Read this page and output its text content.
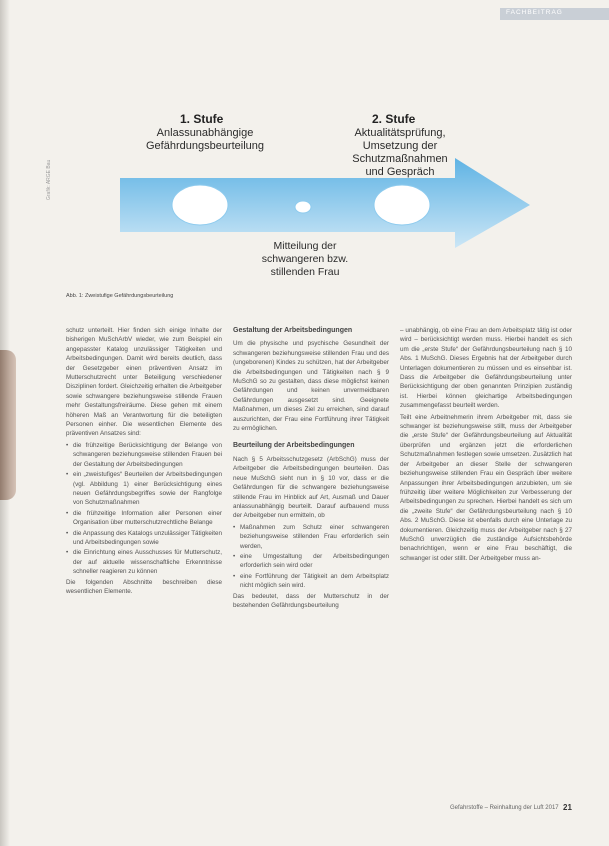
FACHBEITRAG
Grafik: ARGE Bau
1. Stufe
Anlassunabhängige
Gefährdungsbeurteilung
2. Stufe
Aktualitätsprüfung,
Umsetzung der
Schutzmaßnahmen
und Gespräch
Mitteilung der
schwangeren bzw.
stillenden Frau
Abb. 1: Zweistufige Gefährdungsbeurteilung

schutz unterteilt. Hier finden sich einige Inhalte der bisherigen MuSchArbV wieder, wie zum Beispiel ein angepasster Katalog unzulässiger Tätigkeiten und Arbeitsbedingungen. Damit wird bereits deutlich, dass der Gesetzgeber einen präventiven Ansatz im Mutterschutzrecht unter Beteiligung verschiedener Disziplinen fordert. Gleichzeitig erhalten die Arbeitgeber sowie schwangere beziehungsweise stillende Frauen mehr Gestaltungsfreiräume. Diese gehen mit einem höheren Maß an Verantwortung für die beteiligten Personen einher. Die wesentlichen Elemente des präventiven Ansatzes sind:

• die frühzeitige Berücksichtigung der Belange von schwangeren beziehungsweise stillenden Frauen bei der Gestaltung der Arbeitsbedingungen
• ein „zweistufiges“ Beurteilen der Arbeitsbedingungen (vgl. Abbildung 1) einer Berücksichtigung eines neuen Gefährdungsbegriffes sowie der Rangfolge von Schutzmaßnahmen
• die frühzeitige Information aller Personen einer Organisation über mutterschutzrechtliche Belange
• die Anpassung des Katalogs unzulässiger Tätigkeiten und Arbeitsbedingungen sowie
• die Einrichtung eines Ausschusses für Mutterschutz, der auf aktuelle wissenschaftliche Erkenntnisse schneller reagieren zu können

Die folgenden Abschnitte beschreiben diese wesentlichen Elemente.

Gestaltung der Arbeitsbedingungen

Um die physische und psychische Gesundheit der schwangeren beziehungsweise stillenden Frau und des (ungeborenen) Kindes zu schützen, hat der Arbeitgeber die Arbeitsbedingungen und Tätigkeiten nach § 9 MuSchG so zu gestalten, dass diese möglichst keinen Gefährdungen und keinen unvermeidbaren Gefährdungen ausgesetzt sind. Geeignete Maßnahmen, um dieses Ziel zu erreichen, sind darauf auszurichten, der Frau eine Fortführung ihrer Tätigkeit zu ermöglichen.

Beurteilung der Arbeitsbedingungen

Nach § 5 Arbeitsschutzgesetz (ArbSchG) muss der Arbeitgeber die Arbeitsbedingungen beurteilen. Das neue MuSchG sieht nun in § 10 vor, dass er die Gefährdungen für die schwangere beziehungsweise stillende Frau im Hinblick auf Art, Ausmaß und Dauer anlassunabhängig beurteilt. Darauf aufbauend muss der Arbeitgeber nun ermitteln, ob

• Maßnahmen zum Schutz einer schwangeren beziehungsweise stillenden Frau erforderlich sein werden,
• eine Umgestaltung der Arbeitsbedingungen erforderlich sein wird oder
• eine Fortführung der Tätigkeit an dem Arbeitsplatz nicht möglich sein wird.

Das bedeutet, dass der Mutterschutz in der bestehenden Gefährdungsbeurteilung

– unabhängig, ob eine Frau an dem Arbeitsplatz tätig ist oder wird – berücksichtigt werden muss. Hierbei handelt es sich um die „erste Stufe“ der Gefährdungsbeurteilung nach § 10 Abs. 1 MuSchG. Dieses Ergebnis hat der Arbeitgeber durch Unterlagen dokumentieren zu müssen und es einsehbar ist. Dass die Arbeitgeber die Gefährdungsbeurteilung unter Berücksichtigung der oben genannten Prinzipien zuständig ist. Hierbei können gleichartige Arbeitsbedingungen zusammengefasst beurteilt werden.

Teilt eine Arbeitnehmerin ihrem Arbeitgeber mit, dass sie schwanger ist beziehungsweise stillt, muss der Arbeitgeber die „erste Stufe“ der Gefährdungsbeurteilung auf Aktualität überprüfen und ergänzen jetzt die erforderlichen Schutzmaßnahmen festlegen sowie umsetzen. Zusätzlich hat der Arbeitgeber an dieser Stelle der schwangeren beziehungsweise stillenden Frau ein Gespräch über weitere Anpassungen ihrer Arbeitsbedingungen anzubieten, um sie frühzeitig über weitere Möglichkeiten zur Verbesserung der Arbeitsbedingungen zu sprechen. Hierbei handelt es sich um die „zweite Stufe“ der Gefährdungsbeurteilung nach § 10 Abs. 2 MuSchG. Diese ist ebenfalls durch eine Unterlage zu dokumentieren. Gleichzeitig muss der Arbeitgeber nach § 27 MuSchG unverzüglich die zuständige Aufsichtsbehörde benachrichtigen, wenn er eine Frau beschäftigt, die schwanger ist oder stillt. Der Arbeitgeber muss an-

Gefahrstoffe – Reinhaltung der Luft 2017 21
